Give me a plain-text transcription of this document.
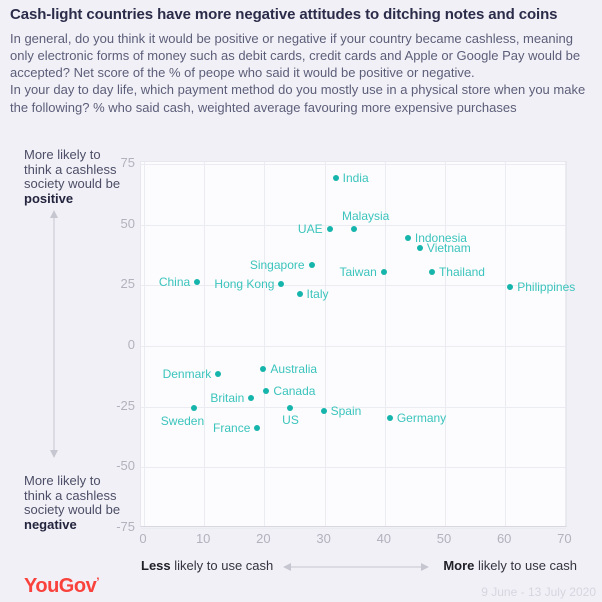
Cash-light countries have more negative attitudes to ditching notes and coins

In general, do you think it would be positive or negative if your country became cashless, meaning only electronic forms of money such as debit cards, credit cards and Apple or Google Pay would be accepted? Net score of the % of peope who said it would be positive or negative.

In your day to day life, which payment method do you mostly use in a physical store when you make the following? % who said cash, weighted average favouring more expensive purchases

More likely to think a cashless society would be positive
More likely to think a cashless society would be negative
75
50
25
0
-25
-50
-75
0	10	20	30	40	50	60	70
India
Malaysia
UAE
Indonesia
Vietnam
Singapore
Taiwan	Thailand
China Hong Kong	Philippines
Italy
Australia
Denmark
Canada
Britain
Sweden	US
Spain
Germany
France
Less likely to use cash	More likely to use cash
YouGov$^ʼ$
9 June - 13 July 2020
